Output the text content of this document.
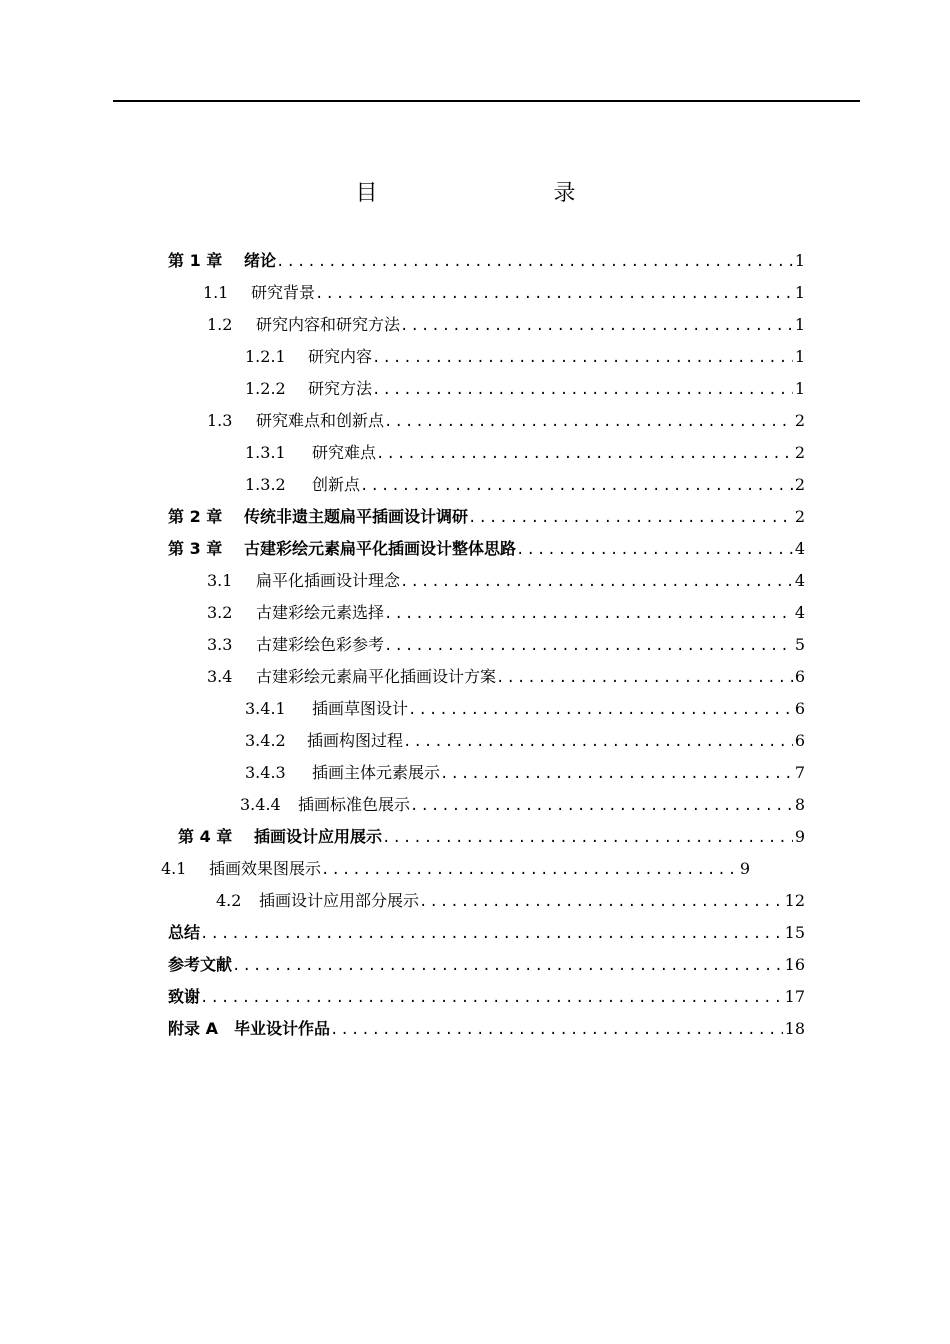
目　　录
第 1 章	绪论 .....	1
1.1	研究背景 .....	1
1.2	研究内容和研究方法 .....	1
1.2.1	研究内容 .....	1
1.2.2	研究方法 .....	1
1.3	研究难点和创新点 .....	2
1.3.1	研究难点 .....	2
1.3.2	创新点 .....	2
第 2 章	传统非遗主题扁平插画设计调研 .....	2
第 3 章	古建彩绘元素扁平化插画设计整体思路 .....	4
3.1	扁平化插画设计理念 .....	4
3.2	古建彩绘元素选择 .....	4
3.3	古建彩绘色彩参考 .....	5
3.4	古建彩绘元素扁平化插画设计方案 .....	6
3.4.1	插画草图设计 .....	6
3.4.2	插画构图过程 .....	6
3.4.3	插画主体元素展示 .....	7
3.4.4	插画标准色展示 .....	8
第 4 章	插画设计应用展示 .....	9
4.1	插画效果图展示 .....	9
4.2	插画设计应用部分展示 .....	12
总结 .....	15
参考文献 .....	16
致谢 .....	17
附录 A　毕业设计作品 .....	18
